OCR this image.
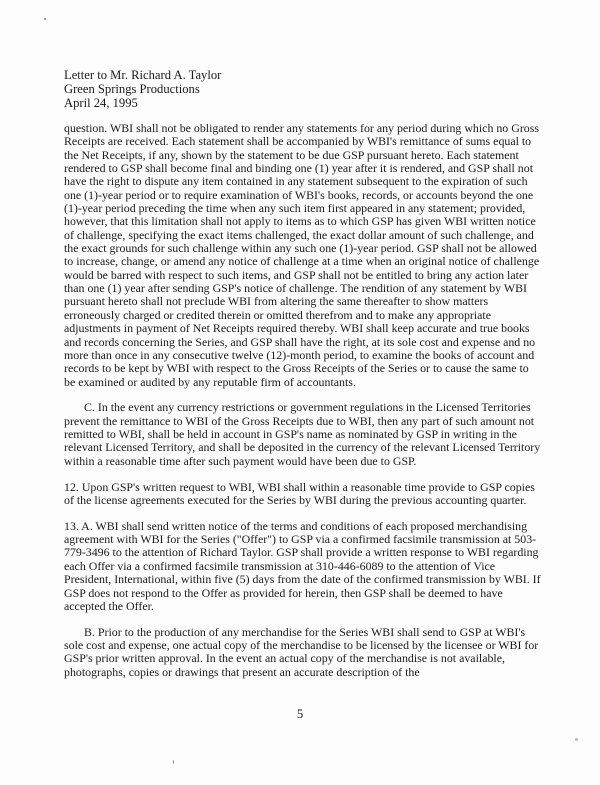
Letter to Mr. Richard A. Taylor
Green Springs Productions
April 24, 1995

question. WBI shall not be obligated to render any statements for any period during which no Gross Receipts are received. Each statement shall be accompanied by WBI's remittance of sums equal to the Net Receipts, if any, shown by the statement to be due GSP pursuant hereto. Each statement rendered to GSP shall become final and binding one (1) year after it is rendered, and GSP shall not have the right to dispute any item contained in any statement subsequent to the expiration of such one (1)-year period or to require examination of WBI's books, records, or accounts beyond the one (1)-year period preceding the time when any such item first appeared in any statement; provided, however, that this limitation shall not apply to items as to which GSP has given WBI written notice of challenge, specifying the exact items challenged, the exact dollar amount of such challenge, and the exact grounds for such challenge within any such one (1)-year period. GSP shall not be allowed to increase, change, or amend any notice of challenge at a time when an original notice of challenge would be barred with respect to such items, and GSP shall not be entitled to bring any action later than one (1) year after sending GSP's notice of challenge. The rendition of any statement by WBI pursuant hereto shall not preclude WBI from altering the same thereafter to show matters erroneously charged or credited therein or omitted therefrom and to make any appropriate adjustments in payment of Net Receipts required thereby. WBI shall keep accurate and true books and records concerning the Series, and GSP shall have the right, at its sole cost and expense and no more than once in any consecutive twelve (12)-month period, to examine the books of account and records to be kept by WBI with respect to the Gross Receipts of the Series or to cause the same to be examined or audited by any reputable firm of accountants.

C. In the event any currency restrictions or government regulations in the Licensed Territories prevent the remittance to WBI of the Gross Receipts due to WBI, then any part of such amount not remitted to WBI, shall be held in account in GSP's name as nominated by GSP in writing in the relevant Licensed Territory, and shall be deposited in the currency of the relevant Licensed Territory within a reasonable time after such payment would have been due to GSP.

12. Upon GSP's written request to WBI, WBI shall within a reasonable time provide to GSP copies of the license agreements executed for the Series by WBI during the previous accounting quarter.

13. A. WBI shall send written notice of the terms and conditions of each proposed merchandising agreement with WBI for the Series ("Offer") to GSP via a confirmed facsimile transmission at 503-779-3496 to the attention of Richard Taylor. GSP shall provide a written response to WBI regarding each Offer via a confirmed facsimile transmission at 310-446-6089 to the attention of Vice President, International, within five (5) days from the date of the confirmed transmission by WBI. If GSP does not respond to the Offer as provided for herein, then GSP shall be deemed to have accepted the Offer.

B. Prior to the production of any merchandise for the Series WBI shall send to GSP at WBI's sole cost and expense, one actual copy of the merchandise to be licensed by the licensee or WBI for GSP's prior written approval. In the event an actual copy of the merchandise is not available, photographs, copies or drawings that present an accurate description of the

5
